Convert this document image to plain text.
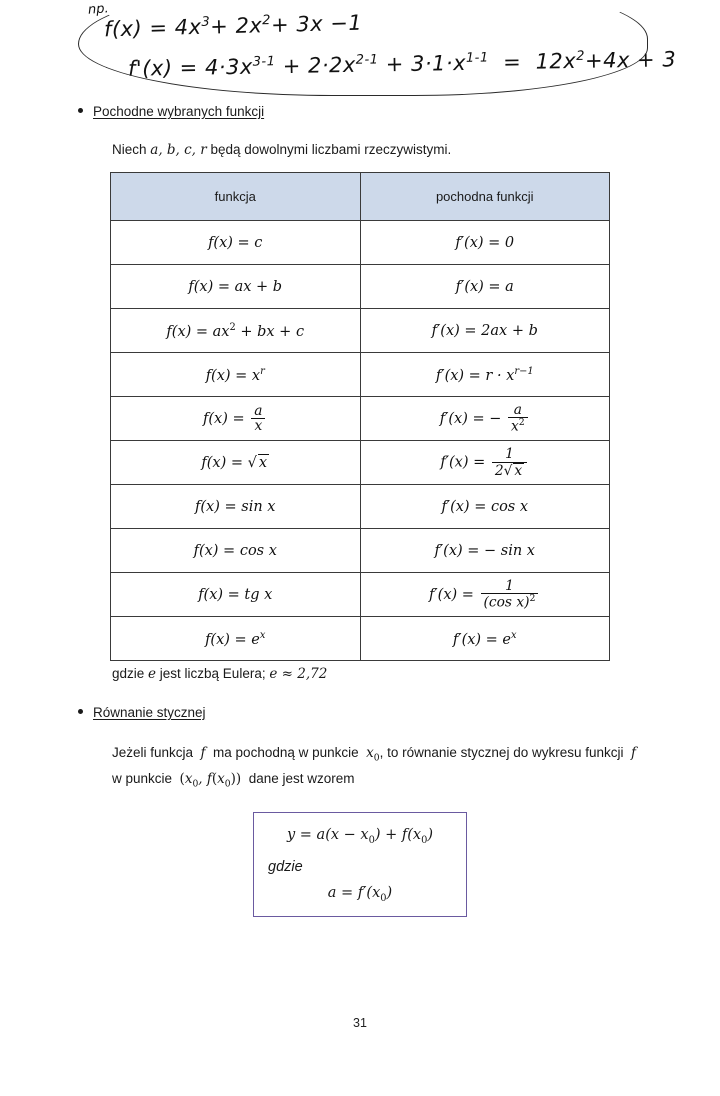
np.
$f(x) = 4x^3+ 2x^2+ 3x -1$
$f'(x) = 4\cdot 3x^{3-1} + 2\cdot 2x^{2-1} + 3\cdot 1\cdot x^{1-1} = 12x^2+4x + 3$
Pochodne wybranych funkcji
Niech a, b, c, r będą dowolnymi liczbami rzeczywistymi.
funkcja	pochodna funkcji
f(x) = c	f′(x) = 0
f(x) = ax + b	f′(x) = a
$f(x) = ax^2$ + bx + c	f′(x) = 2ax + b
$f(x) = x^r$	$f'(x) = r \cdot x^{r-1}$
$f(x) = \frac{a}{x}$	f′(x) = − $\frac{a}{x^2}$

f(x) = √ x	$f'(x) = \frac{1}{2√ x}$

f(x) = sin x	f′(x) = cos x
f(x) = cos x	f′(x) = − sin x
f(x) = tg x	$f'(x) = \frac{1}{(\cos x)^2}$

$f(x) = e^x$	$f'(x) = e^x$
gdzie e jest liczbą Eulera; e ≈ 2,72
Równanie stycznej
Jeżeli funkcja  f  ma pochodną w punkcie  $x_0$, to równanie stycznej do wykresu funkcji  f
w punkcie  ($x_0$, $f(x_0)$)  dane jest wzorem
$y = a(x - x_0) + f(x_0)$
gdzie
$a = f'(x_0)$
31
